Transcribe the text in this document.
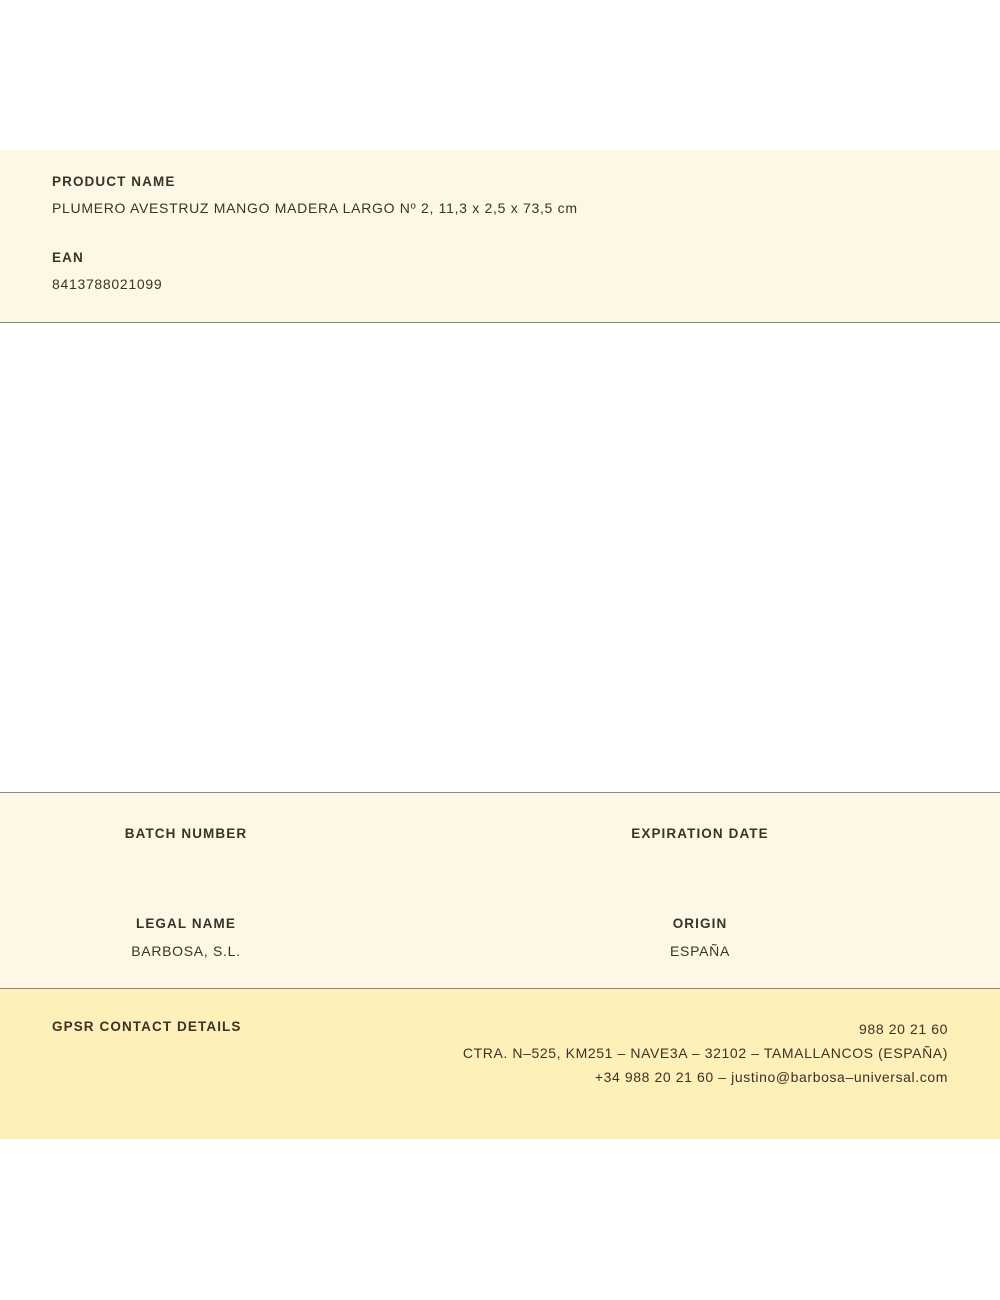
PRODUCT NAME
PLUMERO AVESTRUZ MANGO MADERA LARGO Nº 2, 11,3 x 2,5 x 73,5 cm
EAN
8413788021099
BATCH NUMBER	EXPIRATION DATE
LEGAL NAME
BARBOSA, S.L.
ORIGIN
ESPAÑA
GPSR CONTACT DETAILS	988 20 21 60
CTRA. N–525, KM251 – NAVE3A – 32102 – TAMALLANCOS (ESPAÑA)
+34 988 20 21 60 – justino@barbosa–universal.com
